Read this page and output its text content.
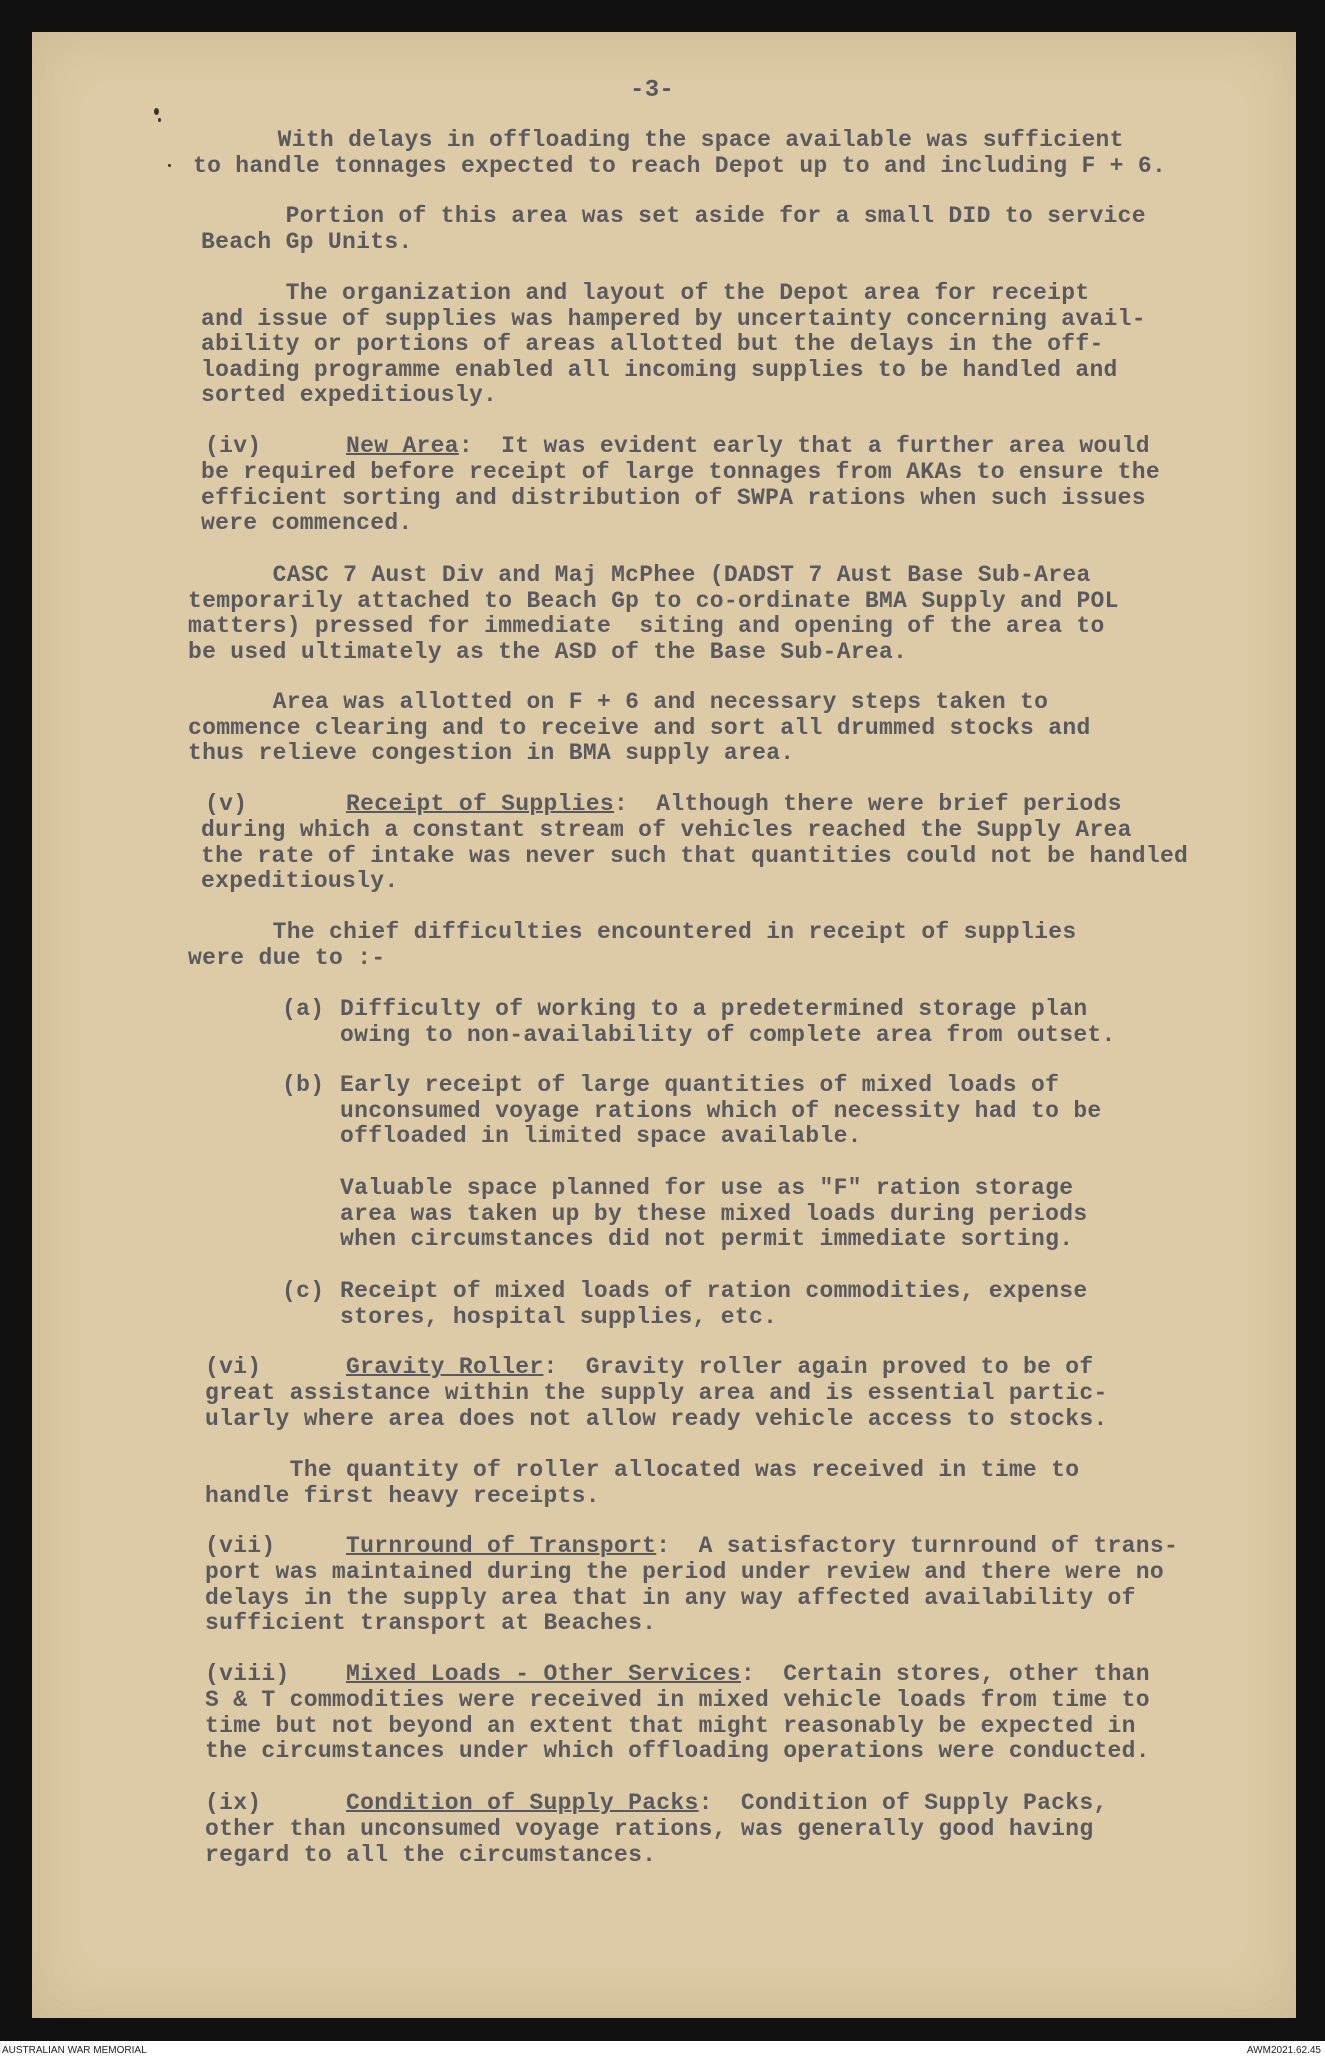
-3-

With delays in offloading the space available was sufficient
to handle tonnages expected to reach Depot up to and including F + 6.

Portion of this area was set aside for a small DID to service
Beach Gp Units.

The organization and layout of the Depot area for receipt
and issue of supplies was hampered by uncertainty concerning avail-
ability or portions of areas allotted but the delays in the off-
loading programme enabled all incoming supplies to be handled and
sorted expeditiously.

(iv)	New Area:  It was evident early that a further area would

be required before receipt of large tonnages from AKAs to ensure the
efficient sorting and distribution of SWPA rations when such issues
were commenced.

CASC 7 Aust Div and Maj McPhee (DADST 7 Aust Base Sub-Area
temporarily attached to Beach Gp to co-ordinate BMA Supply and POL
matters) pressed for immediate  siting and opening of the area to
be used ultimately as the ASD of the Base Sub-Area.

Area was allotted on F + 6 and necessary steps taken to
commence clearing and to receive and sort all drummed stocks and
thus relieve congestion in BMA supply area.

(v)	Receipt of Supplies:  Although there were brief periods

during which a constant stream of vehicles reached the Supply Area
the rate of intake was never such that quantities could not be handled
expeditiously.

The chief difficulties encountered in receipt of supplies
were due to :-

(a) Difficulty of working to a predetermined storage plan
owing to non-availability of complete area from outset.

(b) Early receipt of large quantities of mixed loads of
unconsumed voyage rations which of necessity had to be
offloaded in limited space available.

Valuable space planned for use as "F" ration storage
area was taken up by these mixed loads during periods
when circumstances did not permit immediate sorting.

(c) Receipt of mixed loads of ration commodities, expense
stores, hospital supplies, etc.

(vi)	Gravity Roller:  Gravity roller again proved to be of

great assistance within the supply area and is essential partic-
ularly where area does not allow ready vehicle access to stocks.

The quantity of roller allocated was received in time to
handle first heavy receipts.

(vii)	Turnround of Transport:  A satisfactory turnround of trans-

port was maintained during the period under review and there were no
delays in the supply area that in any way affected availability of
sufficient transport at Beaches.

(viii) Mixed Loads - Other Services:  Certain stores, other than

S & T commodities were received in mixed vehicle loads from time to
time but not beyond an extent that might reasonably be expected in
the circumstances under which offloading operations were conducted.

(ix)	Condition of Supply Packs:  Condition of Supply Packs,

other than unconsumed voyage rations, was generally good having
regard to all the circumstances.

AUSTRALIAN WAR MEMORIAL	AWM2021.62.45
